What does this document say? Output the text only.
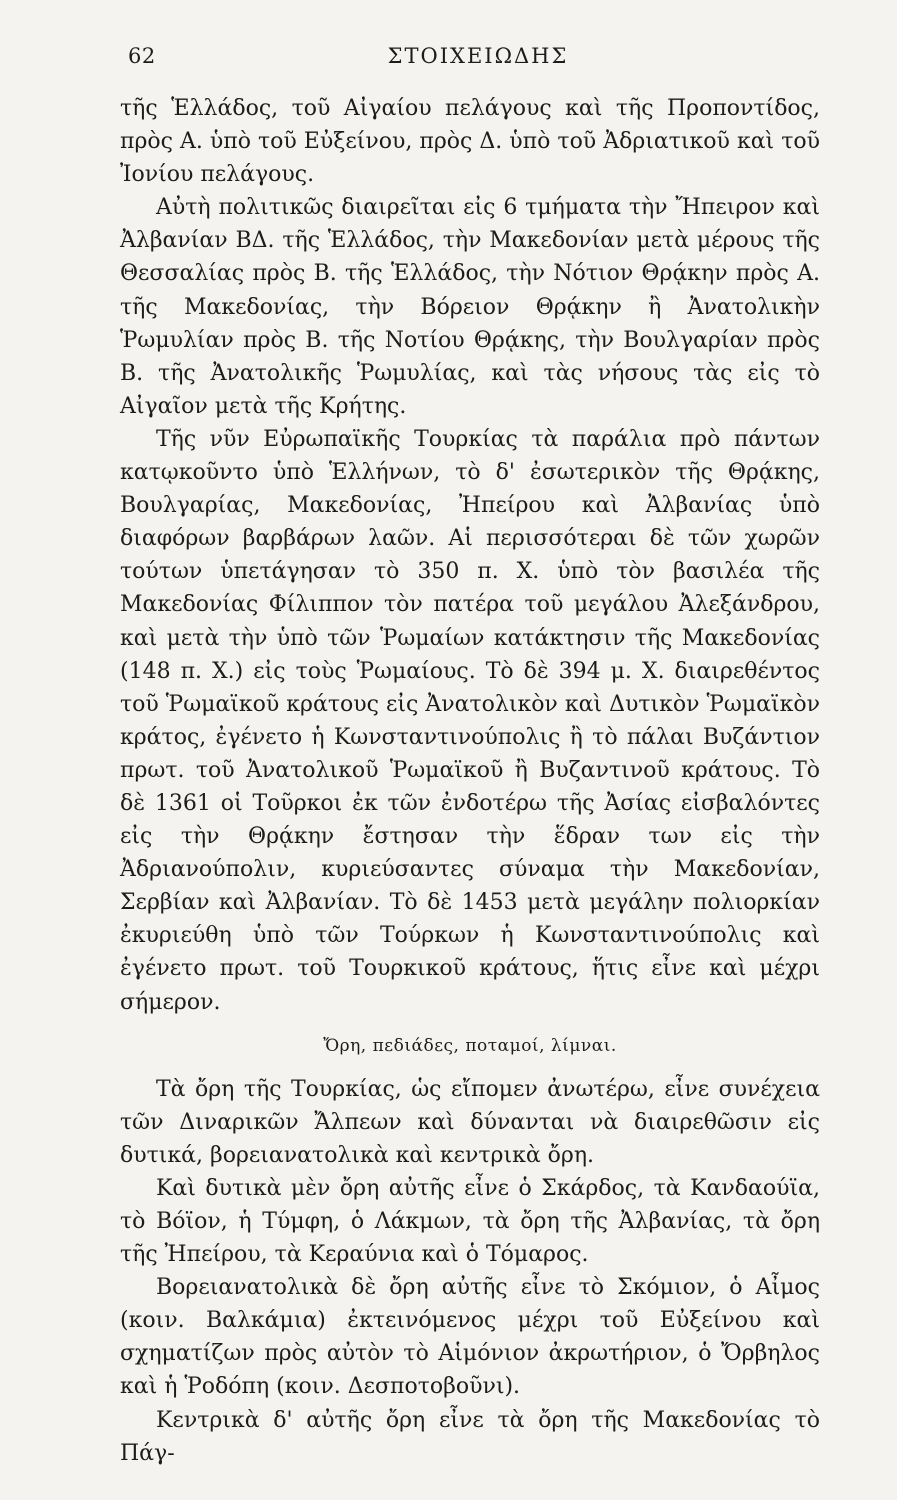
62	ΣΤΟΙΧΕΙΩΔΗΣ

τῆς Ἑλλάδος, τοῦ Αἰγαίου πελάγους καὶ τῆς Προποντίδος, πρὸς Α. ὑπὸ τοῦ Εὐξείνου, πρὸς Δ. ὑπὸ τοῦ Ἀδριατικοῦ καὶ τοῦ Ἰονίου πελάγους.

Αὐτὴ πολιτικῶς διαιρεῖται εἰς 6 τμήματα τὴν Ἤπειρον καὶ Ἀλβανίαν ΒΔ. τῆς Ἑλλάδος, τὴν Μακεδονίαν μετὰ μέρους τῆς Θεσσαλίας πρὸς Β. τῆς Ἑλλάδος, τὴν Νότιον Θρᾴκην πρὸς Α. τῆς Μακεδονίας, τὴν Βόρειον Θρᾴκην ἢ Ἀνατολικὴν Ῥωμυλίαν πρὸς Β. τῆς Νοτίου Θρᾴκης, τὴν Βουλγαρίαν πρὸς Β. τῆς Ἀνατολικῆς Ῥωμυλίας, καὶ τὰς νήσους τὰς εἰς τὸ Αἰγαῖον μετὰ τῆς Κρήτης.

Τῆς νῦν Εὐρωπαϊκῆς Τουρκίας τὰ παράλια πρὸ πάντων κατῳκοῦντο ὑπὸ Ἑλλήνων, τὸ δ' ἐσωτερικὸν τῆς Θρᾴκης, Βουλγαρίας, Μακεδονίας, Ἠπείρου καὶ Ἀλβανίας ὑπὸ διαφόρων βαρβάρων λαῶν. Αἱ περισσότεραι δὲ τῶν χωρῶν τούτων ὑπετάγησαν τὸ 350 π. Χ. ὑπὸ τὸν βασιλέα τῆς Μακεδονίας Φίλιππον τὸν πατέρα τοῦ μεγάλου Ἀλεξάνδρου, καὶ μετὰ τὴν ὑπὸ τῶν Ῥωμαίων κατάκτησιν τῆς Μακεδονίας (148 π. Χ.) εἰς τοὺς Ῥωμαίους. Τὸ δὲ 394 μ. Χ. διαιρεθέντος τοῦ Ῥωμαϊκοῦ κράτους εἰς Ἀνατολικὸν καὶ Δυτικὸν Ῥωμαϊκὸν κράτος, ἐγένετο ἡ Κωνσταντινούπολις ἢ τὸ πάλαι Βυζάντιον πρωτ. τοῦ Ἀνατολικοῦ Ῥωμαϊκοῦ ἢ Βυζαντινοῦ κράτους. Τὸ δὲ 1361 οἱ Τοῦρκοι ἐκ τῶν ἐνδοτέρω τῆς Ἀσίας εἰσβαλόντες εἰς τὴν Θρᾴκην ἔστησαν τὴν ἕδραν των εἰς τὴν Ἀδριανούπολιν, κυριεύσαντες σύναμα τὴν Μακεδονίαν, Σερβίαν καὶ Ἀλβανίαν. Τὸ δὲ 1453 μετὰ μεγάλην πολιορκίαν ἐκυριεύθη ὑπὸ τῶν Τούρκων ἡ Κωνσταντινούπολις καὶ ἐγένετο πρωτ. τοῦ Τουρκικοῦ κράτους, ἥτις εἶνε καὶ μέχρι σήμερον.

Ὄρη, πεδιάδες, ποταμοί, λίμναι.

Τὰ ὄρη τῆς Τουρκίας, ὡς εἴπομεν ἀνωτέρω, εἶνε συνέχεια τῶν Διναρικῶν Ἄλπεων καὶ δύνανται νὰ διαιρεθῶσιν εἰς δυτικά, βορειανατολικὰ καὶ κεντρικὰ ὄρη.

Καὶ δυτικὰ μὲν ὄρη αὐτῆς εἶνε ὁ Σκάρδος, τὰ Κανδαούϊα, τὸ Βόϊον, ἡ Τύμφη, ὁ Λάκμων, τὰ ὄρη τῆς Ἀλβανίας, τὰ ὄρη τῆς Ἠπείρου, τὰ Κεραύνια καὶ ὁ Τόμαρος.

Βορειανατολικὰ δὲ ὄρη αὐτῆς εἶνε τὸ Σκόμιον, ὁ Αἶμος (κοιν. Βαλκάμια) ἐκτεινόμενος μέχρι τοῦ Εὐξείνου καὶ σχηματίζων πρὸς αὐτὸν τὸ Αἱμόνιον ἀκρωτήριον, ὁ Ὄρβηλος καὶ ἡ Ῥοδόπη (κοιν. Δεσποτοβοῦνι).

Κεντρικὰ δ' αὐτῆς ὄρη εἶνε τὰ ὄρη τῆς Μακεδονίας τὸ Πάγ-
